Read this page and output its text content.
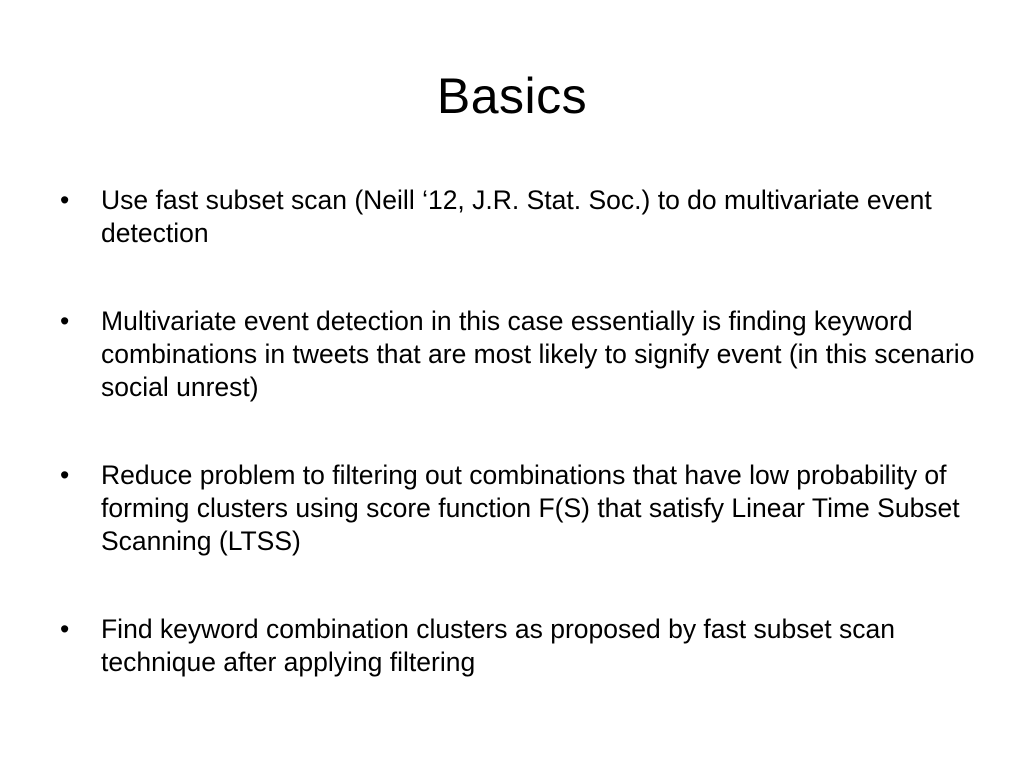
Basics
•	Use fast subset scan (Neill ‘12, J.R. Stat. Soc.) to do multivariate event detection
•	Multivariate event detection in this case essentially is finding keyword combinations in tweets that are most likely to signify event (in this scenario social unrest)
•	Reduce problem to filtering out combinations that have low probability of forming clusters using score function F(S) that satisfy Linear Time Subset Scanning (LTSS)
•	Find keyword combination clusters as proposed by fast subset scan technique after applying filtering
